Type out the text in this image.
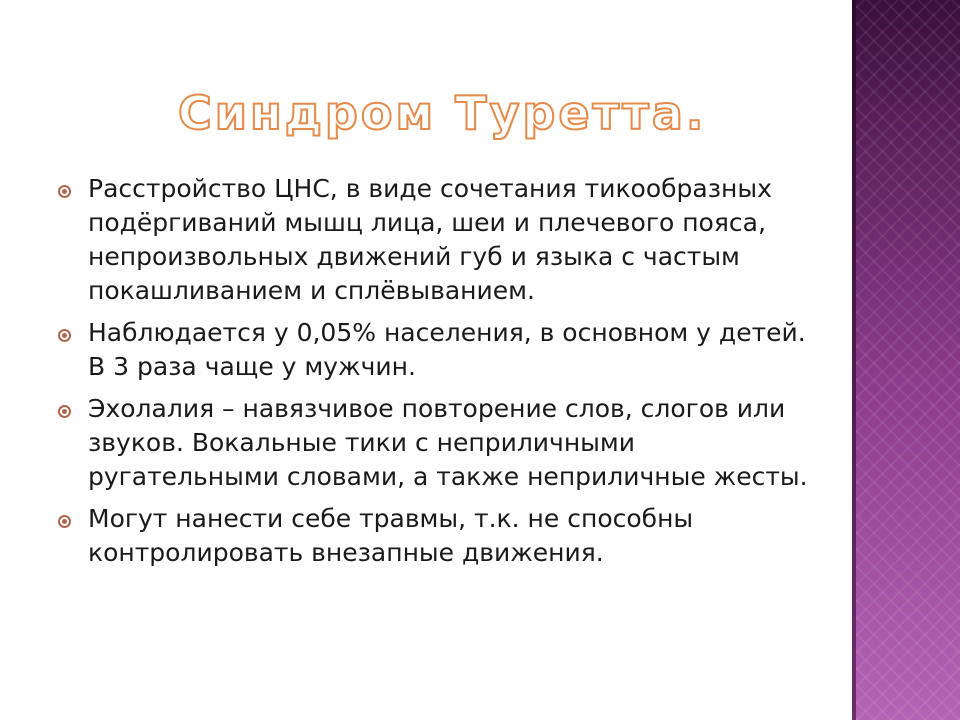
Синдром Туретта.
Расстройство ЦНС, в виде сочетания тикообразных подёргиваний мышц лица, шеи и плечевого пояса, непроизвольных движений губ и языка с частым покашливанием и сплёвыванием.
Наблюдается у 0,05% населения, в основном у детей. В 3 раза чаще у мужчин.
Эхолалия – навязчивое повторение слов, слогов или звуков. Вокальные тики с неприличными ругательными словами, а также неприличные жесты.
Могут нанести себе травмы, т.к. не способны контролировать внезапные движения.
